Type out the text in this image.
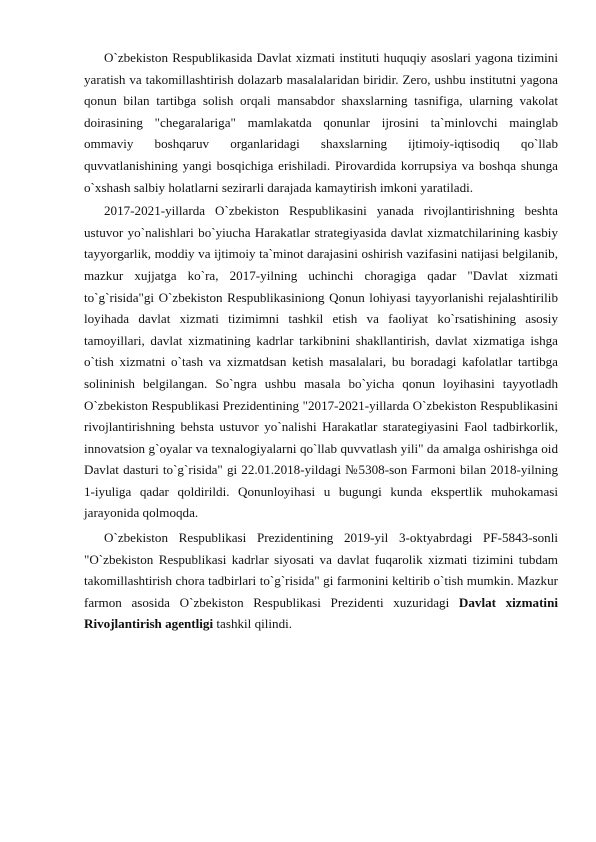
O`zbekiston Respublikasida Davlat xizmati instituti huquqiy asoslari yagona tizimini yaratish va takomillashtirish dolazarb masalalaridan biridir. Zero, ushbu institutni yagona qonun bilan tartibga solish orqali mansabdor shaxslarning tasnifiga, ularning vakolat doirasining "chegaralariga" mamlakatda qonunlar ijrosini ta`minlovchi mainglab ommaviy boshqaruv organlaridagi shaxslarning ijtimoiy-iqtisodiq qo`llab quvvatlanishining yangi bosqichiga erishiladi. Pirovardida korrupsiya va boshqa shunga o`xshash salbiy holatlarni sezirarli darajada kamaytirish imkoni yaratiladi.

2017-2021-yillarda O`zbekiston Respublikasini yanada rivojlantirishning beshta ustuvor yo`nalishlari bo`yiucha Harakatlar strategiyasida davlat xizmatchilarining kasbiy tayyorgarlik, moddiy va ijtimoiy ta`minot darajasini oshirish vazifasini natijasi belgilanib, mazkur xujjatga ko`ra, 2017-yilning uchinchi choragiga qadar "Davlat xizmati to`g`risida"gi O`zbekiston Respublikasiniong Qonun lohiyasi tayyorlanishi rejalashtirilib loyihada davlat xizmati tizimimni tashkil etish va faoliyat ko`rsatishining asosiy tamoyillari, davlat xizmatining kadrlar tarkibnini shakllantirish, davlat xizmatiga ishga o`tish xizmatni o`tash va xizmatdsan ketish masalalari, bu boradagi kafolatlar tartibga solininish belgilangan. So`ngra ushbu masala bo`yicha qonun loyihasini tayyotladh O`zbekiston Respublikasi Prezidentining "2017-2021-yillarda O`zbekiston Respublikasini rivojlantirishning behsta ustuvor yo`nalishi Harakatlar starategiyasini Faol tadbirkorlik, innovatsion g`oyalar va texnalogiyalarni qo`llab quvvatlash yili" da amalga oshirishga oid Davlat dasturi to`g`risida" gi 22.01.2018-yildagi №5308-son Farmoni bilan 2018-yilning 1-iyuliga qadar qoldirildi. Qonunloyihasi u bugungi kunda ekspertlik muhokamasi jarayonida qolmoqda.

O`zbekiston Respublikasi Prezidentining 2019-yil 3-oktyabrdagi PF-5843-sonli "O`zbekiston Respublikasi kadrlar siyosati va davlat fuqarolik xizmati tizimini tubdam takomillashtirish chora tadbirlari to`g`risida" gi farmonini keltirib o`tish mumkin. Mazkur farmon asosida O`zbekiston Respublikasi Prezidenti xuzuridagi Davlat xizmatini Rivojlantirish agentligi tashkil qilindi.
